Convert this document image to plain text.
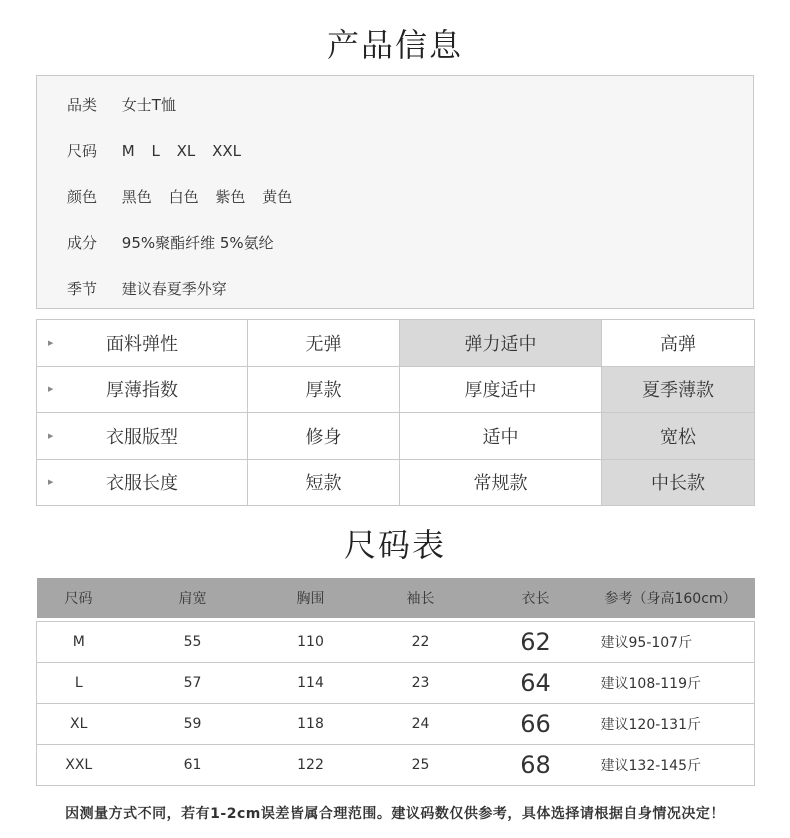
产品信息
品类 女士T恤
尺码 M L XL XXL
颜色 黑色 白色 紫色 黄色
成分 95%聚酯纤维 5%氨纶
季节 建议春夏季外穿
▶ 面料弹性	无弹	弹力适中	高弹

▶ 厚薄指数	厚款	厚度适中	夏季薄款

▶ 衣服版型	修身	适中	宽松

▶ 衣服长度	短款	常规款	中长款
尺码表
尺码	肩宽	胸围	袖长	衣长	参考（身高160cm）

M	55	110	22	62	建议95-107斤
L	57	114	23	64	建议108-119斤
XL	59	118	24	66	建议120-131斤
XXL	61	122	25	68	建议132-145斤
因测量方式不同，若有1-2cm误差皆属合理范围。建议码数仅供参考，具体选择请根据自身情况决定！
